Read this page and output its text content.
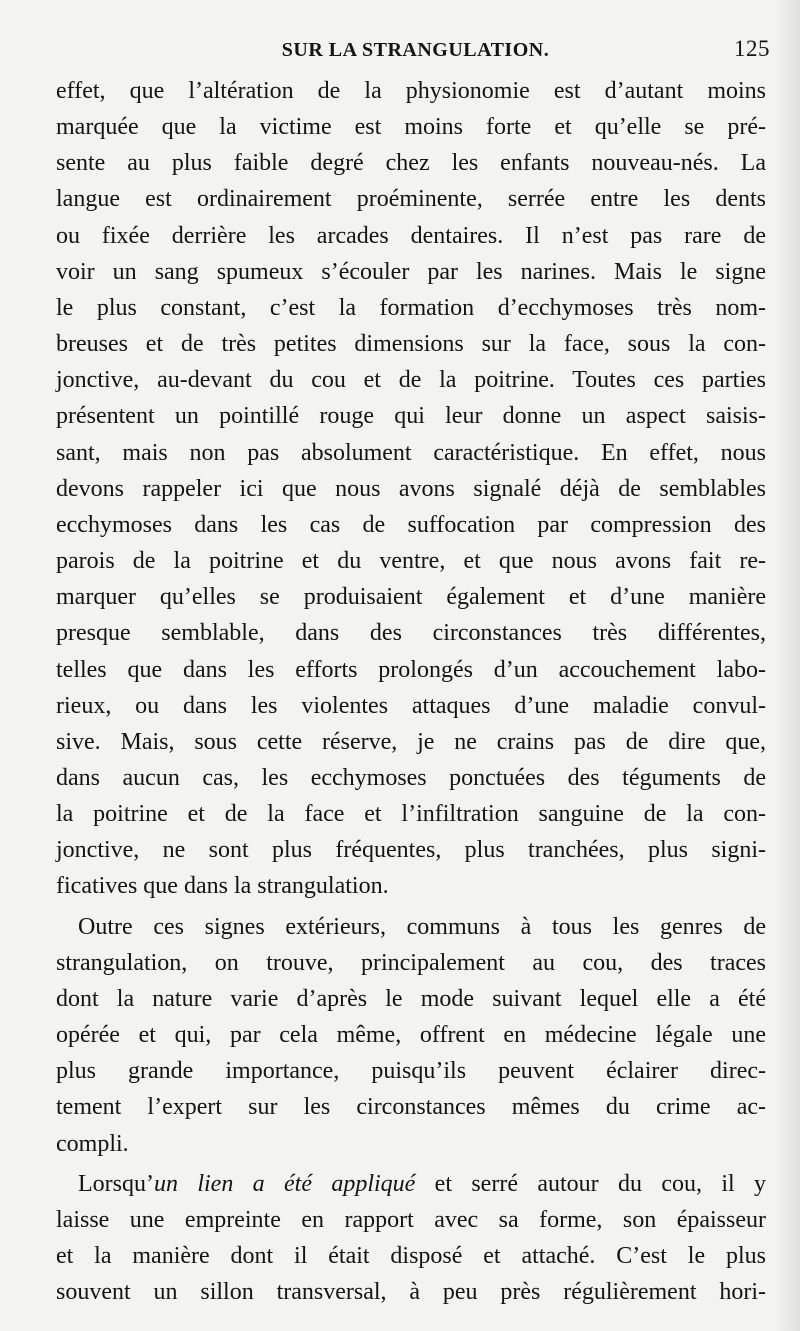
SUR LA STRANGULATION.	125
effet, que l’altération de la physionomie est d’autant moins
marquée que la victime est moins forte et qu’elle se pré-
sente au plus faible degré chez les enfants nouveau-nés. La
langue est ordinairement proéminente, serrée entre les dents
ou fixée derrière les arcades dentaires. Il n’est pas rare de
voir un sang spumeux s’écouler par les narines. Mais le signe
le plus constant, c’est la formation d’ecchymoses très nom-
breuses et de très petites dimensions sur la face, sous la con-
jonctive, au-devant du cou et de la poitrine. Toutes ces parties
présentent un pointillé rouge qui leur donne un aspect saisis-
sant, mais non pas absolument caractéristique. En effet, nous
devons rappeler ici que nous avons signalé déjà de semblables
ecchymoses dans les cas de suffocation par compression des
parois de la poitrine et du ventre, et que nous avons fait re-
marquer qu’elles se produisaient également et d’une manière
presque semblable, dans des circonstances très différentes,
telles que dans les efforts prolongés d’un accouchement labo-
rieux, ou dans les violentes attaques d’une maladie convul-
sive. Mais, sous cette réserve, je ne crains pas de dire que,
dans aucun cas, les ecchymoses ponctuées des téguments de
la poitrine et de la face et l’infiltration sanguine de la con-
jonctive, ne sont plus fréquentes, plus tranchées, plus signi-
ficatives que dans la strangulation.
Outre ces signes extérieurs, communs à tous les genres de
strangulation, on trouve, principalement au cou, des traces
dont la nature varie d’après le mode suivant lequel elle a été
opérée et qui, par cela même, offrent en médecine légale une
plus grande importance, puisqu’ils peuvent éclairer direc-
tement l’expert sur les circonstances mêmes du crime ac-
compli.
Lorsqu’un lien a été appliqué et serré autour du cou, il y
laisse une empreinte en rapport avec sa forme, son épaisseur
et la manière dont il était disposé et attaché. C’est le plus
souvent un sillon transversal, à peu près régulièrement hori-
